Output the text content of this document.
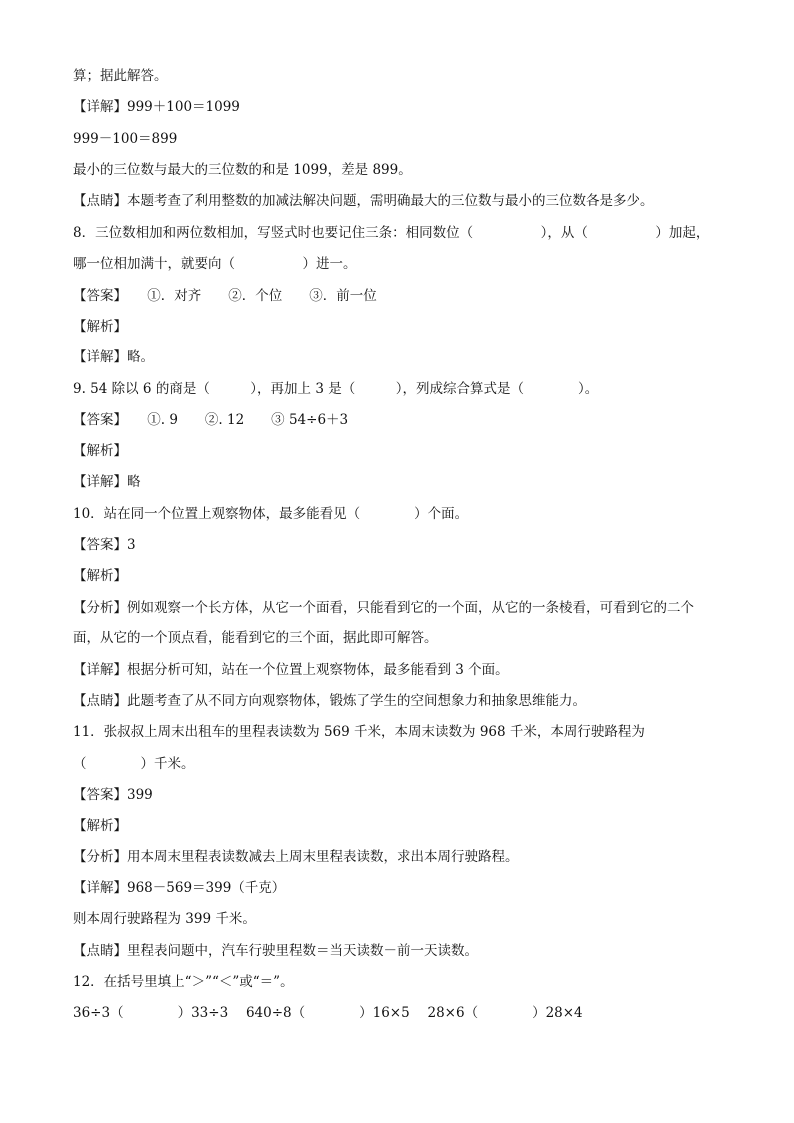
算；据此解答。
【详解】999＋100＝1099
999－100＝899
最小的三位数与最大的三位数的和是 1099，差是 899。
【点睛】本题考查了利用整数的加减法解决问题，需明确最大的三位数与最小的三位数各是多少。
8．三位数相加和两位数相加，写竖式时也要记住三条：相同数位（　　　　　），从（　　　　　）加起，
哪一位相加满十，就要向（　　　　　）进一。
【答案】　　①．对齐　　②．个位　　③．前一位
【解析】
【详解】略。
9. 54 除以 6 的商是（　　　），再加上 3 是（　　　），列成综合算式是（　　　　）。
【答案】　　①. 9　　②. 12　　③ 54÷6＋3
【解析】
【详解】略
10．站在同一个位置上观察物体，最多能看见（　　　　）个面。
【答案】3
【解析】
【分析】例如观察一个长方体，从它一个面看，只能看到它的一个面，从它的一条棱看，可看到它的二个
面，从它的一个顶点看，能看到它的三个面，据此即可解答。
【详解】根据分析可知，站在一个位置上观察物体，最多能看到 3 个面。
【点睛】此题考查了从不同方向观察物体，锻炼了学生的空间想象力和抽象思维能力。
11．张叔叔上周末出租车的里程表读数为 569 千米，本周末读数为 968 千米，本周行驶路程为
（　　　　）千米。
【答案】399
【解析】
【分析】用本周末里程表读数减去上周末里程表读数，求出本周行驶路程。
【详解】968－569＝399（千克）
则本周行驶路程为 399 千米。
【点睛】里程表问题中，汽车行驶里程数＝当天读数－前一天读数。
12．在括号里填上“＞”“＜”或“＝”。
36÷3（　　　　）33÷3　 640÷8（　　　　）16×5　 28×6（　　　　）28×4
